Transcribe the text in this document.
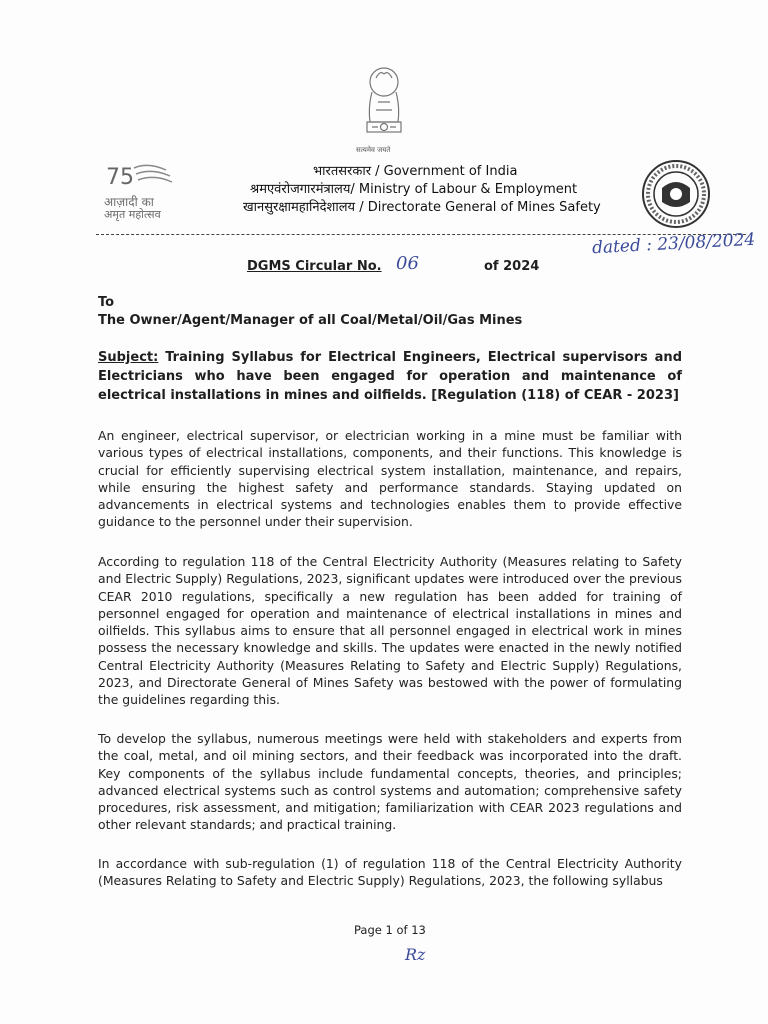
सत्यमेव जयते
75
आज़ादी का
अमृत महोत्सव
भारतसरकार / Government of India
श्रमएवंरोजगारमंत्रालय/ Ministry of Labour & Employment
खानसुरक्षामहानिदेशालय / Directorate General of Mines Safety
dated : 23/08/2024
DGMS Circular No. 06	of 2024
To
The Owner/Agent/Manager of all Coal/Metal/Oil/Gas Mines
Subject: Training Syllabus for Electrical Engineers, Electrical supervisors and Electricians who have been engaged for operation and maintenance of electrical installations in mines and oilfields. [Regulation (118) of CEAR - 2023]
An engineer, electrical supervisor, or electrician working in a mine must be familiar with various types of electrical installations, components, and their functions. This knowledge is crucial for efficiently supervising electrical system installation, maintenance, and repairs, while ensuring the highest safety and performance standards. Staying updated on advancements in electrical systems and technologies enables them to provide effective guidance to the personnel under their supervision.
According to regulation 118 of the Central Electricity Authority (Measures relating to Safety and Electric Supply) Regulations, 2023, significant updates were introduced over the previous CEAR 2010 regulations, specifically a new regulation has been added for training of personnel engaged for operation and maintenance of electrical installations in mines and oilfields. This syllabus aims to ensure that all personnel engaged in electrical work in mines possess the necessary knowledge and skills. The updates were enacted in the newly notified Central Electricity Authority (Measures Relating to Safety and Electric Supply) Regulations, 2023, and Directorate General of Mines Safety was bestowed with the power of formulating the guidelines regarding this.
To develop the syllabus, numerous meetings were held with stakeholders and experts from the coal, metal, and oil mining sectors, and their feedback was incorporated into the draft. Key components of the syllabus include fundamental concepts, theories, and principles; advanced electrical systems such as control systems and automation; comprehensive safety procedures, risk assessment, and mitigation; familiarization with CEAR 2023 regulations and other relevant standards; and practical training.
In accordance with sub-regulation (1) of regulation 118 of the Central Electricity Authority (Measures Relating to Safety and Electric Supply) Regulations, 2023, the following syllabus
Page 1 of 13
Rz
